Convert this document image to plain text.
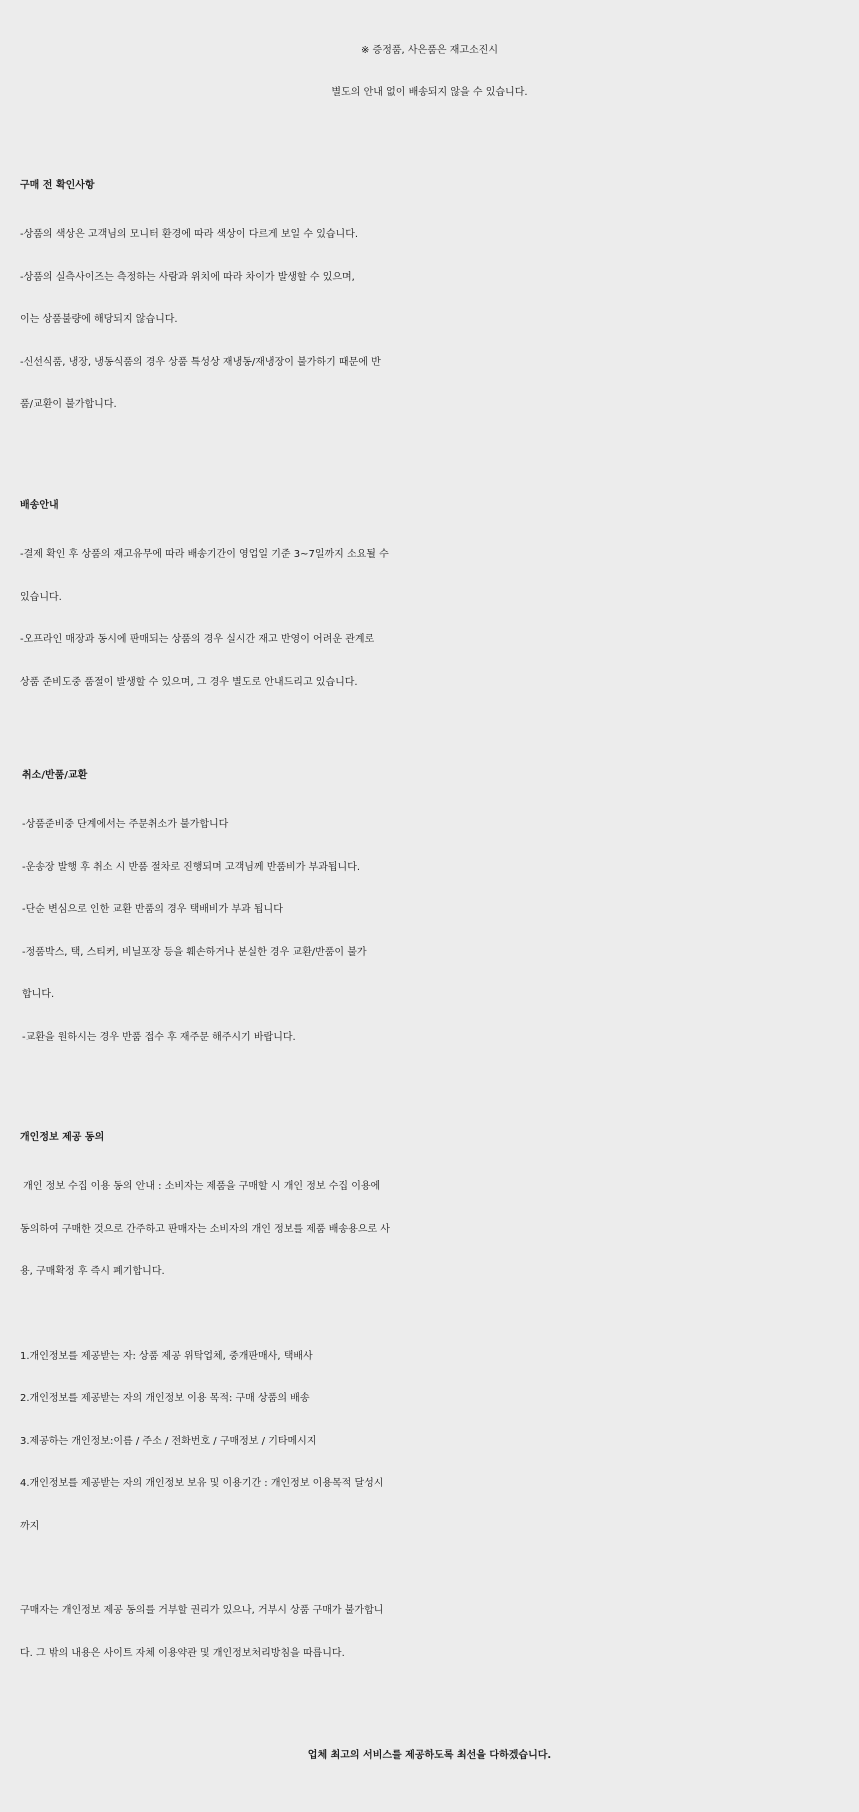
※ 증정품, 사은품은 재고소진시
별도의 안내 없이 배송되지 않을 수 있습니다.
구매 전 확인사항
-상품의 색상은 고객님의 모니터 환경에 따라 색상이 다르게 보일 수 있습니다.
-상품의 실측사이즈는 측정하는 사람과 위치에 따라 차이가 발생할 수 있으며,
이는 상품불량에 해당되지 않습니다.
-신선식품, 냉장, 냉동식품의 경우 상품 특성상 재냉동/재냉장이 불가하기 때문에 반
품/교환이 불가합니다.
배송안내
-결제 확인 후 상품의 재고유무에 따라 배송기간이 영업일 기준 3~7일까지 소요될 수
있습니다.
-오프라인 매장과 동시에 판매되는 상품의 경우 실시간 재고 반영이 어려운 관계로
상품 준비도중 품절이 발생할 수 있으며, 그 경우 별도로 안내드리고 있습니다.
취소/반품/교환
-상품준비중 단계에서는 주문취소가 불가합니다
-운송장 발행 후 취소 시 반품 절차로 진행되며 고객님께 반품비가 부과됩니다.
-단순 변심으로 인한 교환 반품의 경우 택배비가 부과 됩니다
-정품박스, 택, 스티커, 비닐포장 등을 훼손하거나 분실한 경우 교환/반품이 불가
합니다.
-교환을 원하시는 경우 반품 접수 후 재주문 해주시기 바랍니다.
개인정보 제공 동의
개인 정보 수집 이용 동의 안내 : 소비자는 제품을 구매할 시 개인 정보 수집 이용에
동의하여 구매한 것으로 간주하고 판매자는 소비자의 개인 정보를 제품 배송용으로 사
용, 구매확정 후 즉시 폐기합니다.
1.개인정보를 제공받는 자: 상품 제공 위탁업체, 중개판매사, 택배사
2.개인정보를 제공받는 자의 개인정보 이용 목적: 구매 상품의 배송
3.제공하는 개인정보:이름 / 주소 / 전화번호 / 구매정보 / 기타메시지
4.개인정보를 제공받는 자의 개인정보 보유 및 이용기간 : 개인정보 이용목적 달성시
까지
구매자는 개인정보 제공 동의를 거부할 권리가 있으나, 거부시 상품 구매가 불가합니
다. 그 밖의 내용은 사이트 자체 이용약관 및 개인정보처리방침을 따릅니다.
업체 최고의 서비스를 제공하도록 최선을 다하겠습니다.
